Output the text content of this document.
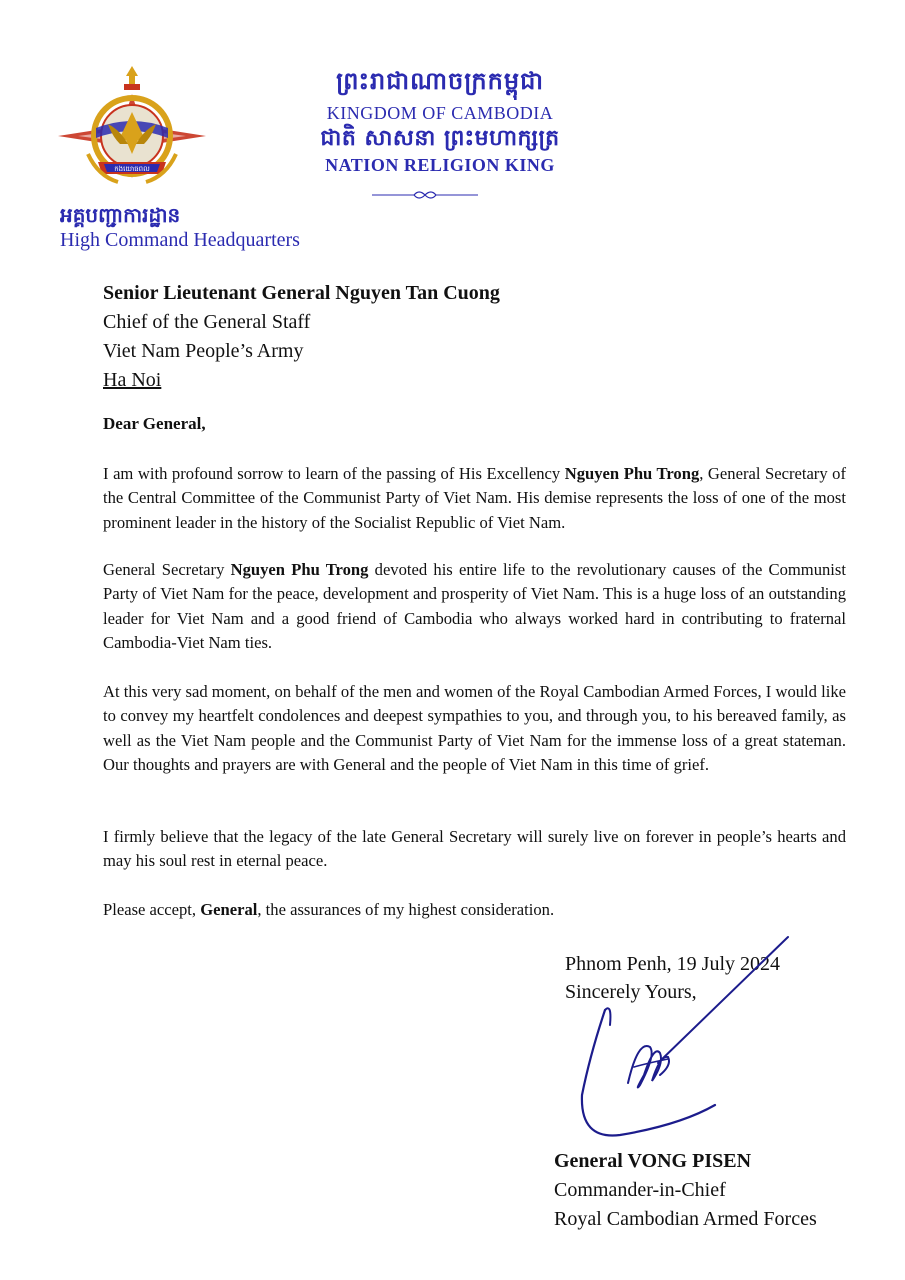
កងយោធពល
ព្រះរាជាណាចក្រកម្ពុជា
KINGDOM OF CAMBODIA
ជាតិ សាសនា ព្រះមហាក្សត្រ
NATION RELIGION KING
អគ្គបញ្ជាការដ្ឋាន
High Command Headquarters
Senior Lieutenant General Nguyen Tan Cuong
Chief of the General Staff
Viet Nam People’s Army
Ha Noi
Dear General,
I am with profound sorrow to learn of the passing of His Excellency Nguyen Phu Trong, General Secretary of the Central Committee of the Communist Party of Viet Nam. His demise represents the loss of one of the most prominent leader in the history of the Socialist Republic of Viet Nam.
General Secretary Nguyen Phu Trong devoted his entire life to the revolutionary causes of the Communist Party of Viet Nam for the peace, development and prosperity of Viet Nam. This is a huge loss of an outstanding leader for Viet Nam and a good friend of Cambodia who always worked hard in contributing to fraternal Cambodia-Viet Nam ties.
At this very sad moment, on behalf of the men and women of the Royal Cambodian Armed Forces, I would like to convey my heartfelt condolences and deepest sympathies to you, and through you, to his bereaved family, as well as the Viet Nam people and the Communist Party of Viet Nam for the immense loss of a great stateman. Our thoughts and prayers are with General and the people of Viet Nam in this time of grief.
I firmly believe that the legacy of the late General Secretary will surely live on forever in people’s hearts and may his soul rest in eternal peace.
Please accept, General, the assurances of my highest consideration.
Phnom Penh, 19 July 2024
Sincerely Yours,
General VONG PISEN
Commander-in-Chief
Royal Cambodian Armed Forces
